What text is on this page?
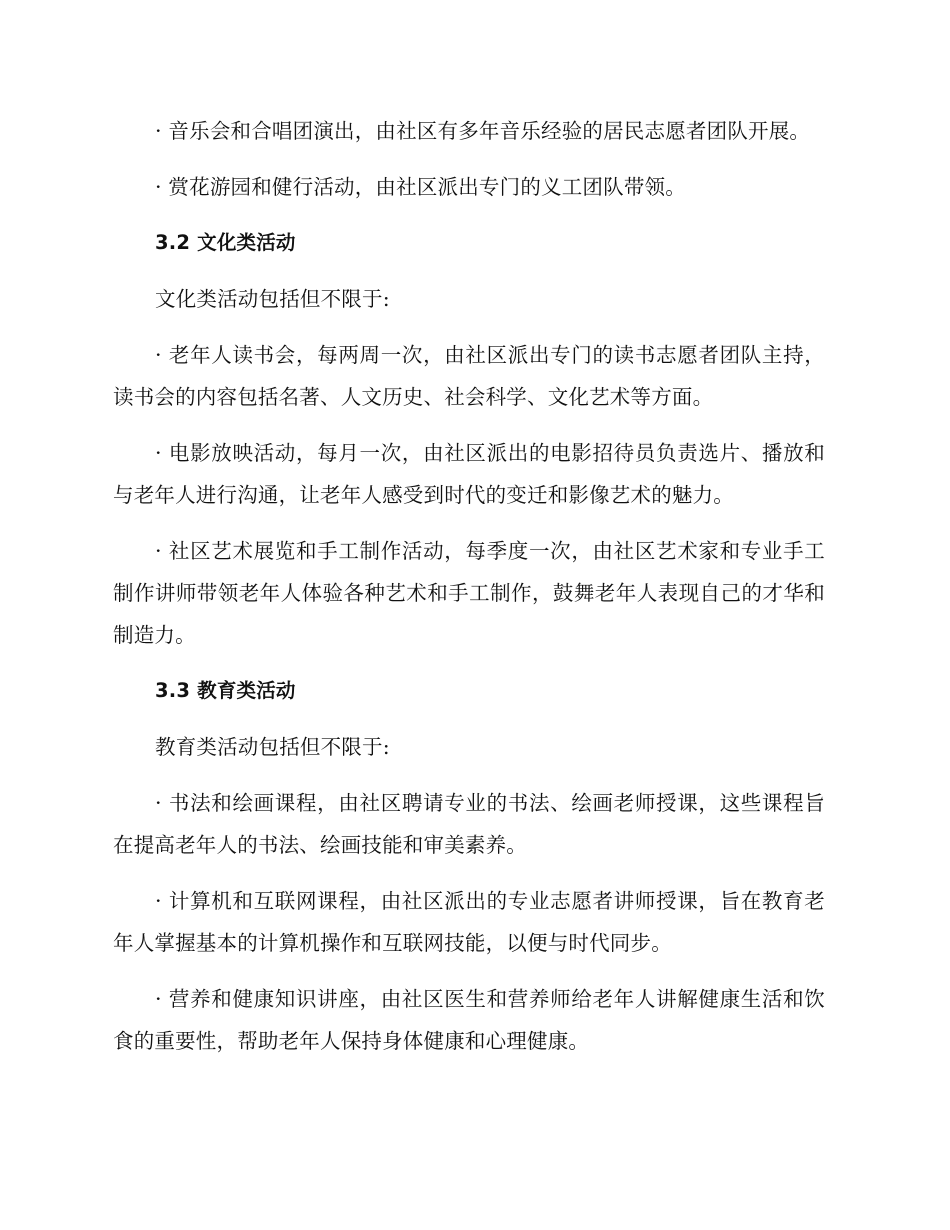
· 音乐会和合唱团演出，由社区有多年音乐经验的居民志愿者团队开展。

· 赏花游园和健行活动，由社区派出专门的义工团队带领。

3.2 文化类活动

文化类活动包括但不限于:

· 老年人读书会，每两周一次，由社区派出专门的读书志愿者团队主持，读书会的内容包括名著、人文历史、社会科学、文化艺术等方面。

· 电影放映活动，每月一次，由社区派出的电影招待员负责选片、播放和与老年人进行沟通，让老年人感受到时代的变迁和影像艺术的魅力。

· 社区艺术展览和手工制作活动，每季度一次，由社区艺术家和专业手工制作讲师带领老年人体验各种艺术和手工制作，鼓舞老年人表现自己的才华和制造力。

3.3 教育类活动

教育类活动包括但不限于:

· 书法和绘画课程，由社区聘请专业的书法、绘画老师授课，这些课程旨在提高老年人的书法、绘画技能和审美素养。

· 计算机和互联网课程，由社区派出的专业志愿者讲师授课，旨在教育老年人掌握基本的计算机操作和互联网技能，以便与时代同步。

· 营养和健康知识讲座，由社区医生和营养师给老年人讲解健康生活和饮食的重要性，帮助老年人保持身体健康和心理健康。
